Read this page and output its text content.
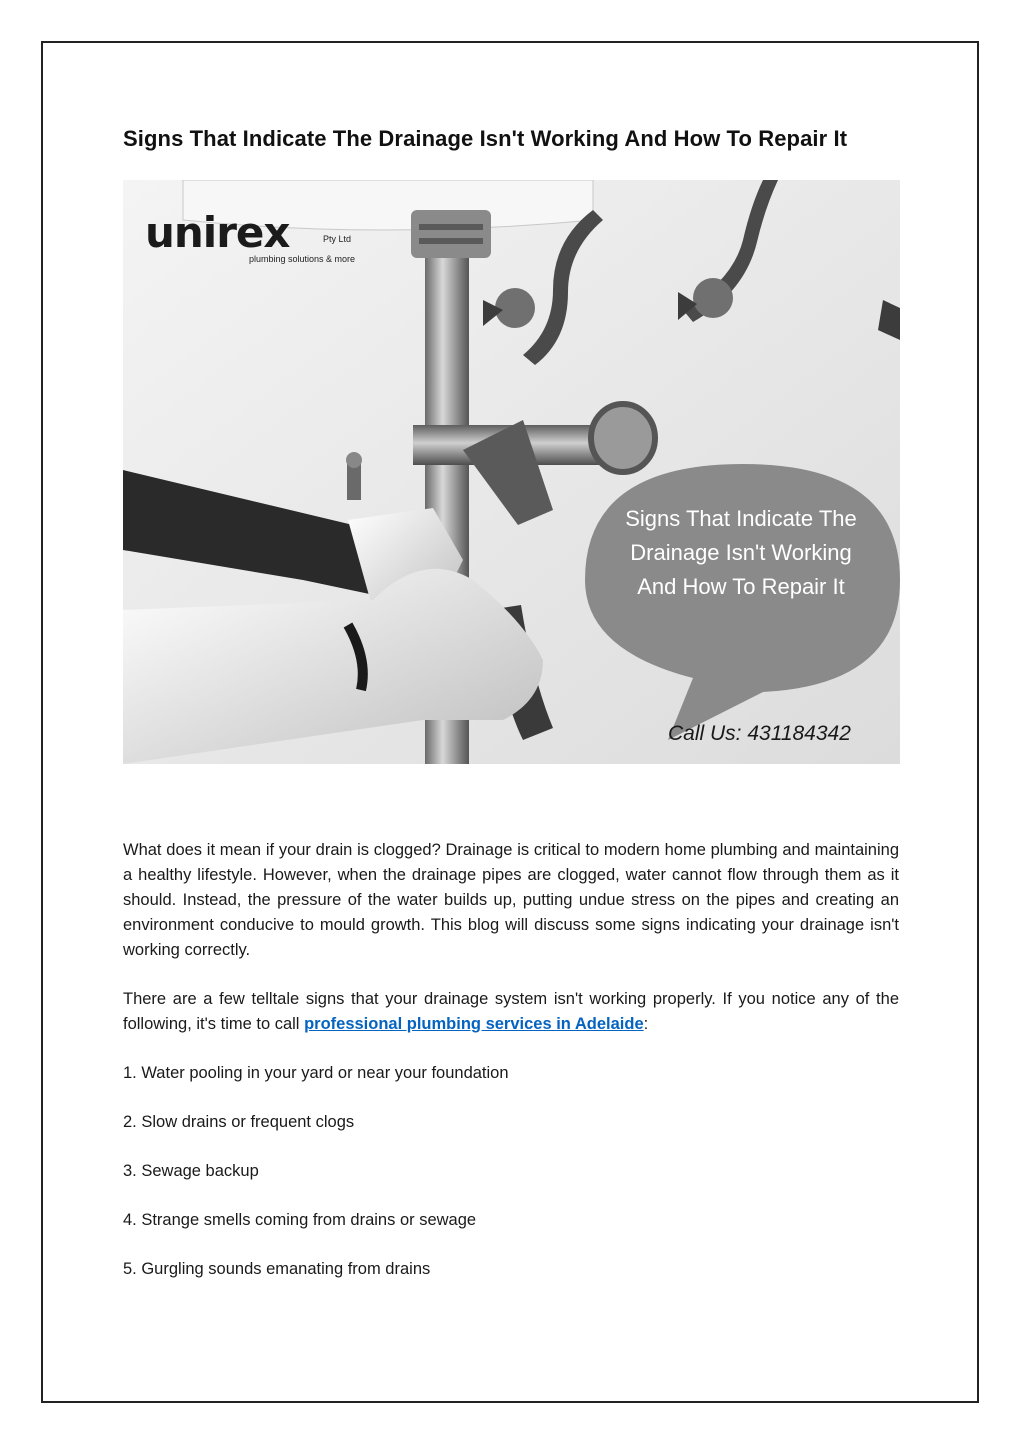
Signs That Indicate The Drainage Isn't Working And How To Repair It
unirex	Pty Ltd
plumbing solutions & more
Signs That Indicate The
Drainage Isn't Working
And How To Repair It
Call Us: 431184342

What does it mean if your drain is clogged? Drainage is critical to modern home plumbing and maintaining a healthy lifestyle. However, when the drainage pipes are clogged, water cannot flow through them as it should. Instead, the pressure of the water builds up, putting undue stress on the pipes and creating an environment conducive to mould growth. This blog will discuss some signs indicating your drainage isn't working correctly.

There are a few telltale signs that your drainage system isn't working properly. If you notice any of the following, it's time to call professional plumbing services in Adelaide:

1. Water pooling in your yard or near your foundation
2. Slow drains or frequent clogs
3. Sewage backup
4. Strange smells coming from drains or sewage
5. Gurgling sounds emanating from drains
